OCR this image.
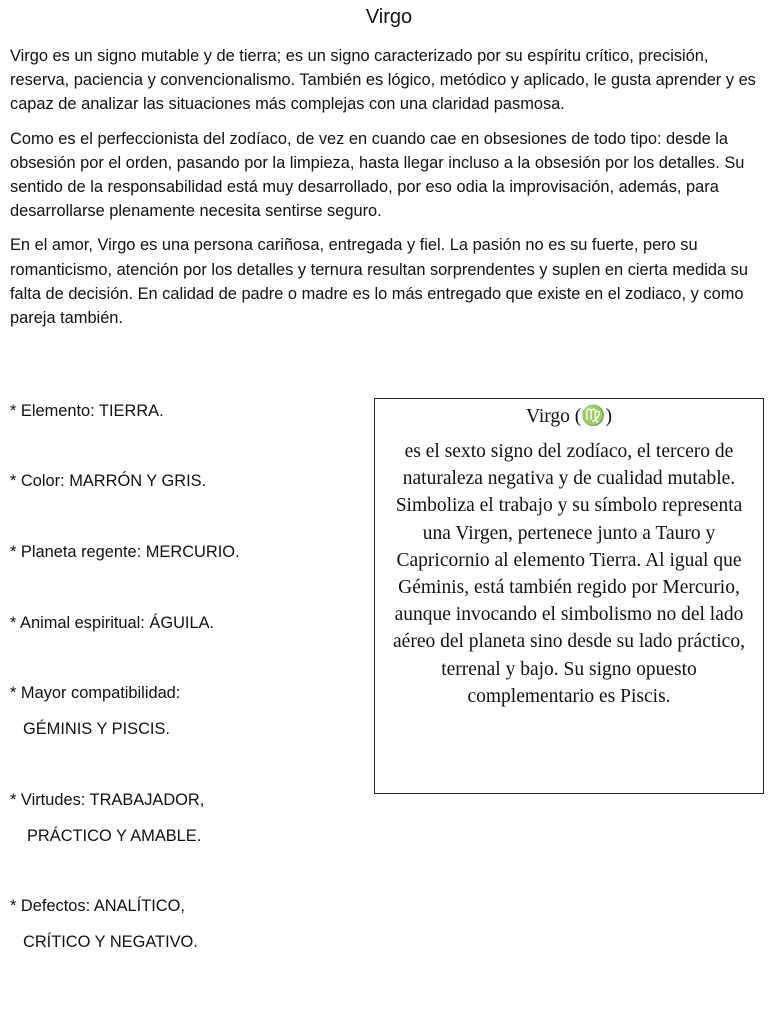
Virgo

Virgo es un signo mutable y de tierra; es un signo caracterizado por su espíritu crítico, precisión, reserva, paciencia y convencionalismo. También es lógico, metódico y aplicado, le gusta aprender y es capaz de analizar las situaciones más complejas con una claridad pasmosa.

Como es el perfeccionista del zodíaco, de vez en cuando cae en obsesiones de todo tipo: desde la obsesión por el orden, pasando por la limpieza, hasta llegar incluso a la obsesión por los detalles. Su sentido de la responsabilidad está muy desarrollado, por eso odia la improvisación, además, para desarrollarse plenamente necesita sentirse seguro.

En el amor, Virgo es una persona cariñosa, entregada y fiel. La pasión no es su fuerte, pero su romanticismo, atención por los detalles y ternura resultan sorprendentes y suplen en cierta medida su falta de decisión. En calidad de padre o madre es lo más entregado que existe en el zodiaco, y como pareja también.

* Elemento: TIERRA.
* Color: MARRÓN Y GRIS.
* Planeta regente: MERCURIO.
* Animal espiritual: ÁGUILA.
* Mayor compatibilidad:
GÉMINIS Y PISCIS.
* Virtudes: TRABAJADOR,
PRÁCTICO Y AMABLE.
* Defectos: ANALÍTICO,
CRÍTICO Y NEGATIVO.
Virgo (♍)
es el sexto signo del zodíaco, el tercero de naturaleza negativa y de cualidad mutable. Simboliza el trabajo y su símbolo representa una Virgen, pertenece junto a Tauro y Capricornio al elemento Tierra. Al igual que Géminis, está también regido por Mercurio, aunque invocando el simbolismo no del lado aéreo del planeta sino desde su lado práctico, terrenal y bajo. Su signo opuesto complementario es Piscis.
